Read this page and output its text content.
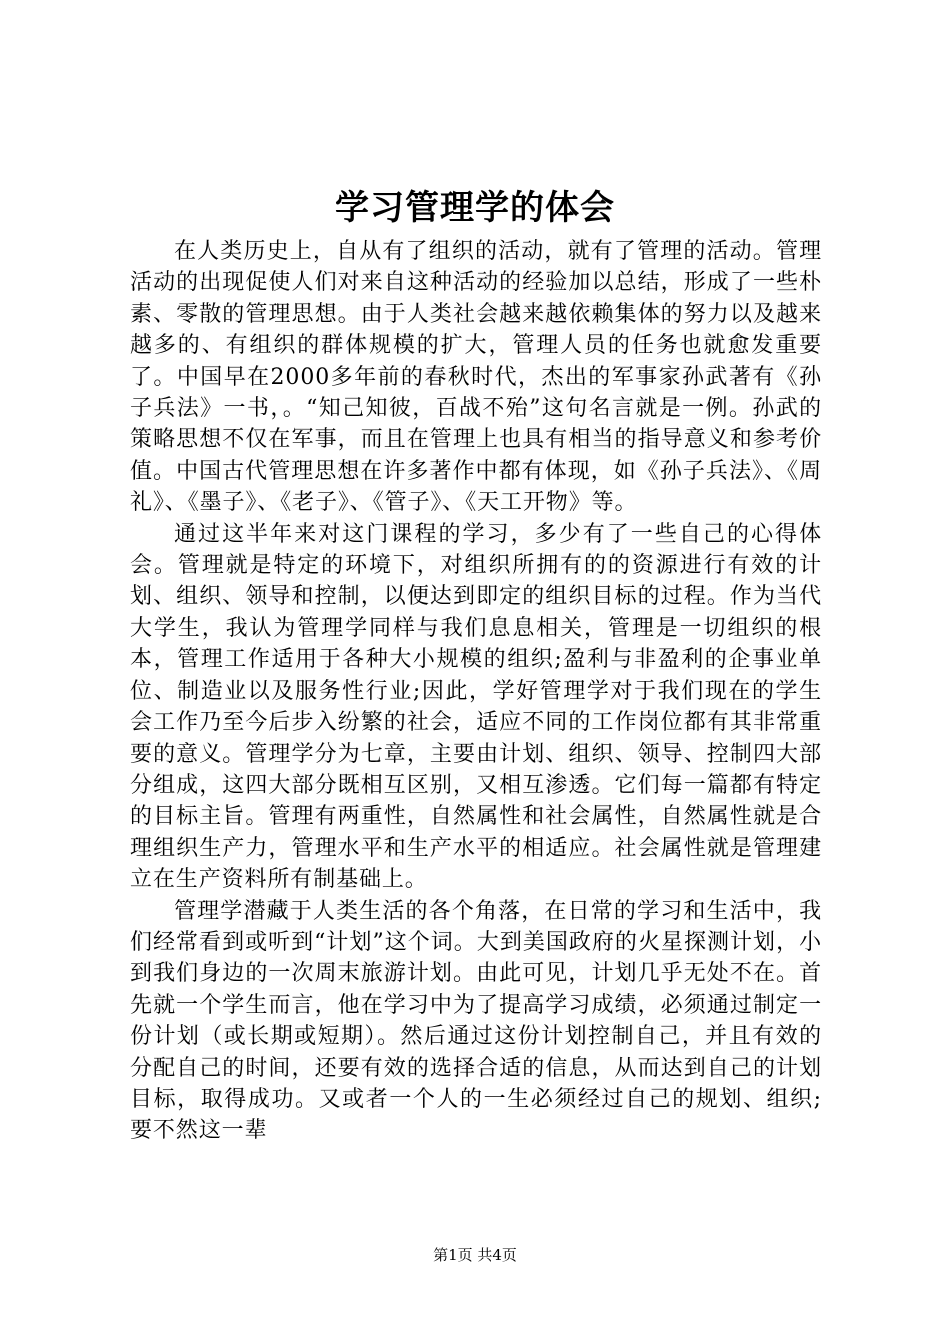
学习管理学的体会

在人类历史上，自从有了组织的活动，就有了管理的活动。管理活动的出现促使人们对来自这种活动的经验加以总结，形成了一些朴素、零散的管理思想。由于人类社会越来越依赖集体的努力以及越来越多的、有组织的群体规模的扩大，管理人员的任务也就愈发重要了。中国早在2000多年前的春秋时代，杰出的军事家孙武著有《孙子兵法》一书，。“知己知彼，百战不殆”这句名言就是一例。孙武的策略思想不仅在军事，而且在管理上也具有相当的指导意义和参考价值。中国古代管理思想在许多著作中都有体现，如《孙子兵法》、《周礼》、《墨子》、《老子》、《管子》、《天工开物》等。

通过这半年来对这门课程的学习，多少有了一些自己的心得体会。管理就是特定的环境下，对组织所拥有的的资源进行有效的计划、组织、领导和控制，以便达到即定的组织目标的过程。作为当代大学生，我认为管理学同样与我们息息相关，管理是一切组织的根本，管理工作适用于各种大小规模的组织;盈利与非盈利的企事业单位、制造业以及服务性行业;因此，学好管理学对于我们现在的学生会工作乃至今后步入纷繁的社会，适应不同的工作岗位都有其非常重要的意义。管理学分为七章，主要由计划、组织、领导、控制四大部分组成，这四大部分既相互区别，又相互渗透。它们每一篇都有特定的目标主旨。管理有两重性，自然属性和社会属性，自然属性就是合理组织生产力，管理水平和生产水平的相适应。社会属性就是管理建立在生产资料所有制基础上。

管理学潜藏于人类生活的各个角落，在日常的学习和生活中，我们经常看到或听到“计划”这个词。大到美国政府的火星探测计划，小到我们身边的一次周末旅游计划。由此可见，计划几乎无处不在。首先就一个学生而言，他在学习中为了提高学习成绩，必须通过制定一份计划（或长期或短期）。然后通过这份计划控制自己，并且有效的分配自己的时间，还要有效的选择合适的信息，从而达到自己的计划目标，取得成功。又或者一个人的一生必须经过自己的规划、组织;要不然这一辈

第1页 共4页
